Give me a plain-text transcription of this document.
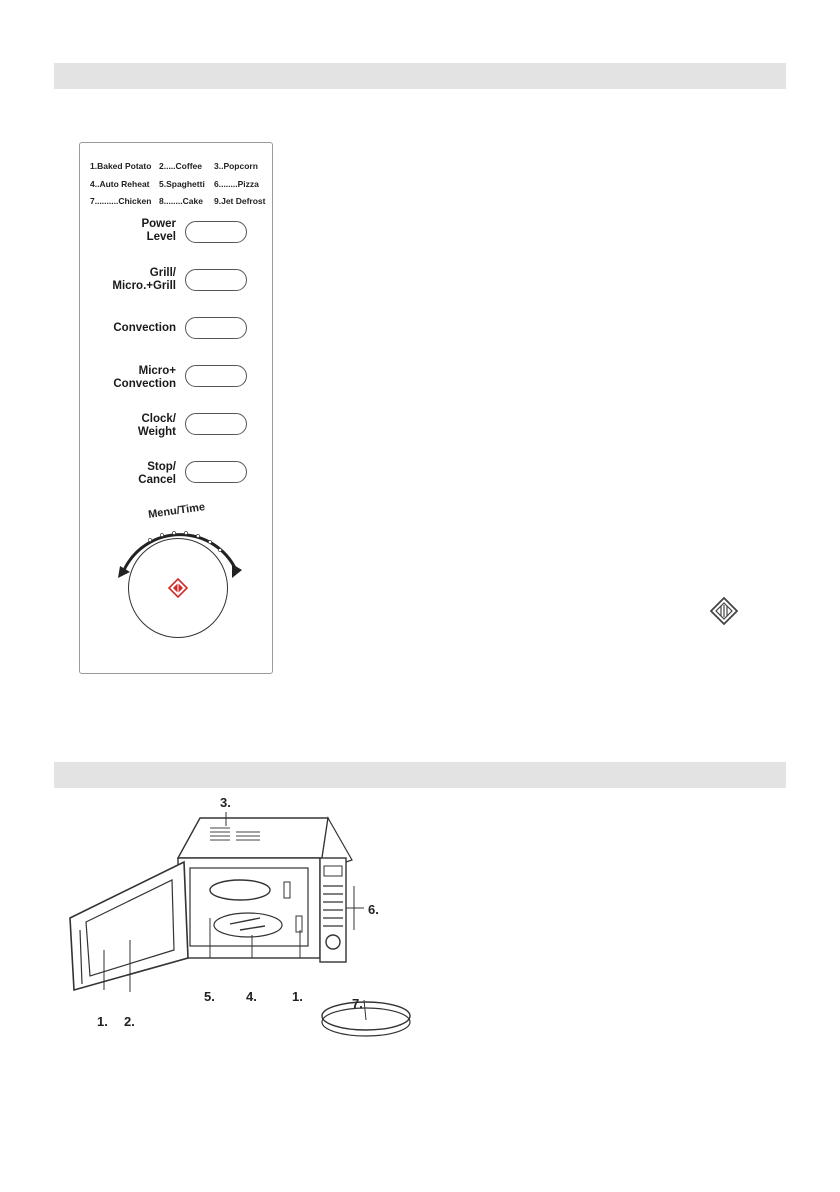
1.Baked Potato 2.....Coffee 3..Popcorn
4..Auto Reheat 5.Spaghetti 6........Pizza
7..........Chicken 8........Cake 9.Jet Defrost
Power
Level
Grill/
Micro.+Grill
Convection
Micro+
Convection
Clock/
Weight
Stop/
Cancel
Menu/Time
3.
6.
7.
1. 2.
5. 4.	1.
